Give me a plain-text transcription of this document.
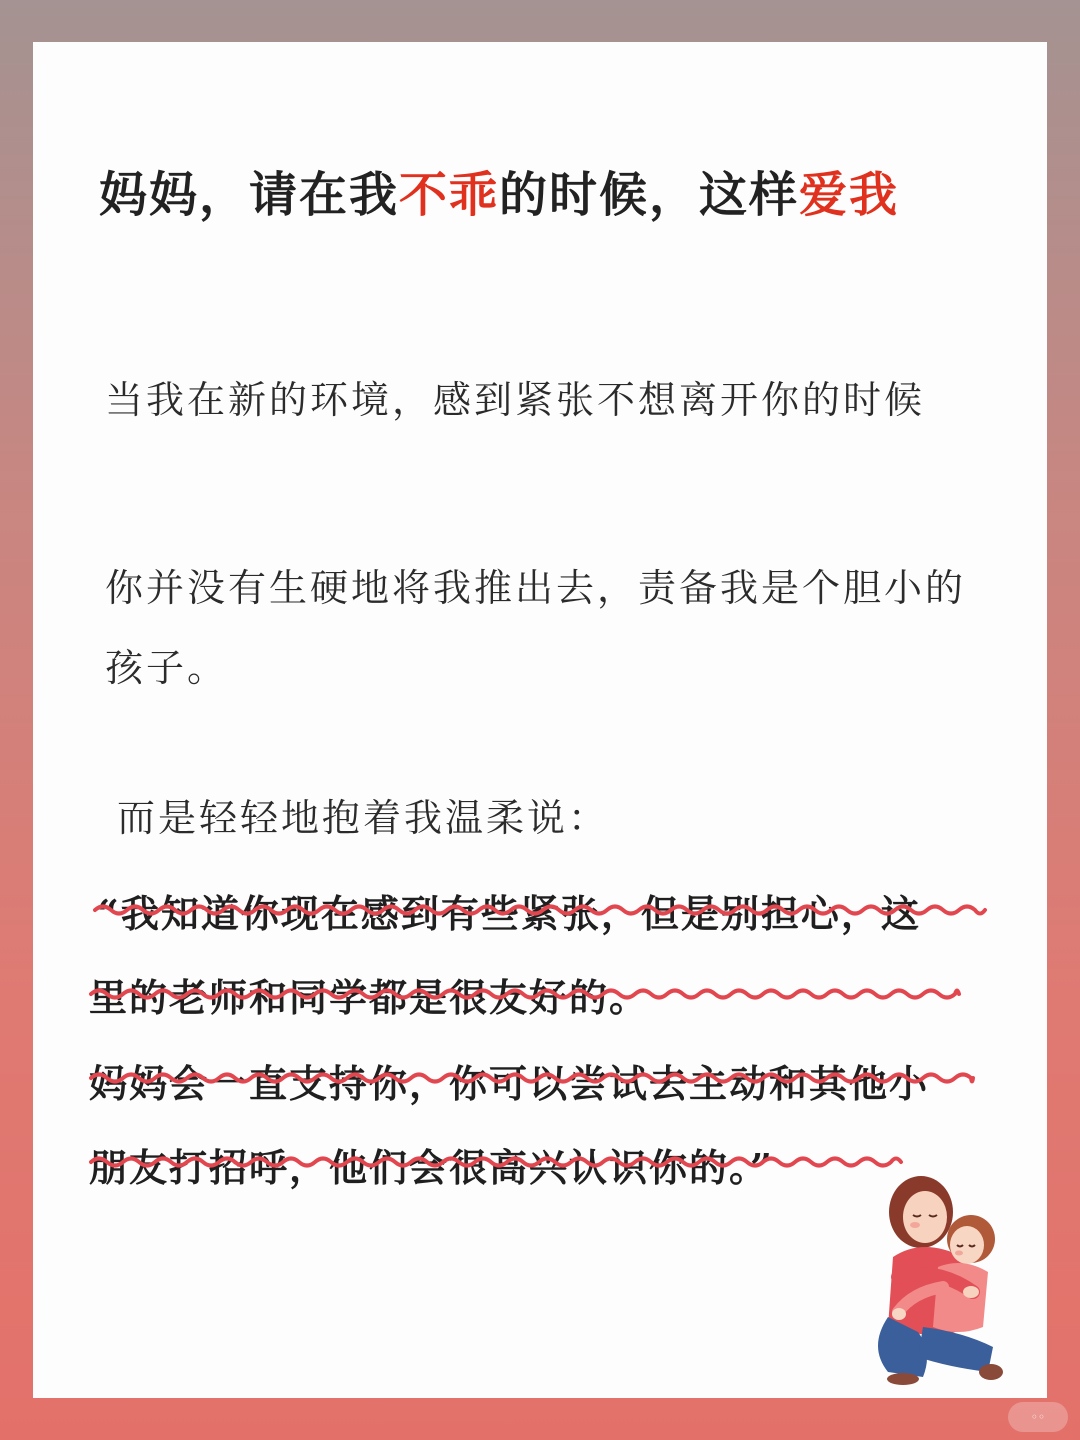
妈妈，请在我不乖的时候，这样爱我

当我在新的环境，感到紧张不想离开你的时候

你并没有生硬地将我推出去，责备我是个胆小的孩子。

而是轻轻地抱着我温柔说：

“我知道你现在感到有些紧张，但是别担心，这
里的老师和同学都是很友好的。
妈妈会一直支持你，你可以尝试去主动和其他小
朋友打招呼，他们会很高兴认识你的。”
◦◦
